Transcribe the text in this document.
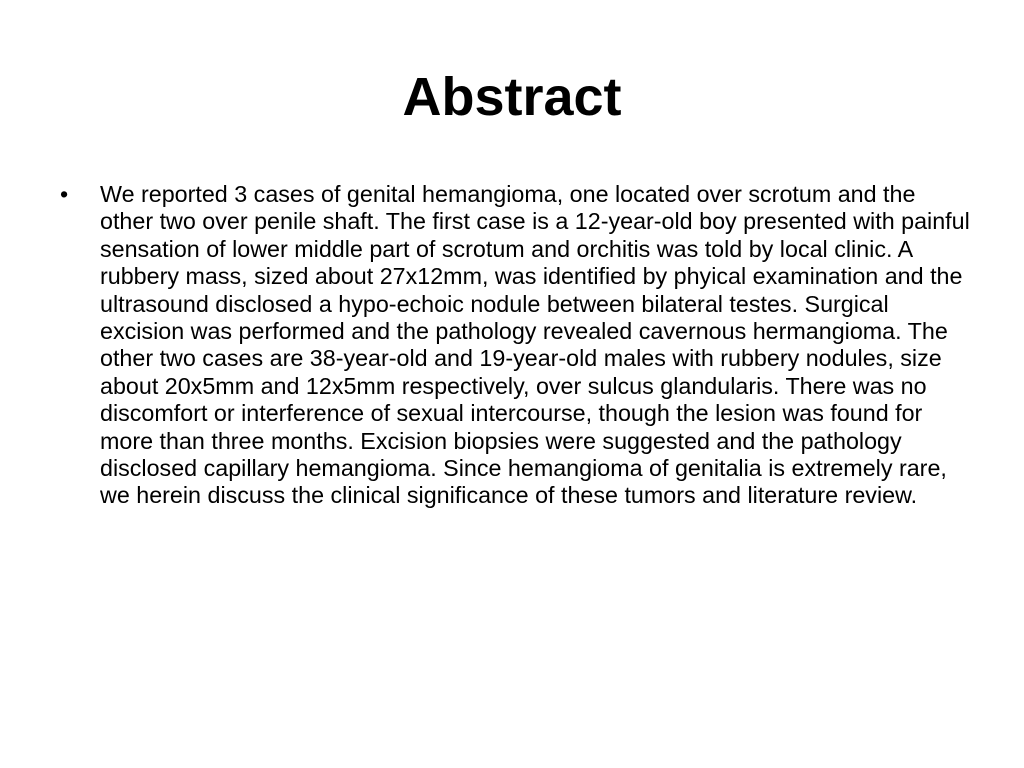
Abstract
•	We reported 3 cases of genital hemangioma, one located over scrotum and the other two over penile shaft. The first case is a 12-year-old boy presented with painful sensation of lower middle part of scrotum and orchitis was told by local clinic. A rubbery mass, sized about 27x12mm, was identified by phyical examination and the ultrasound disclosed a hypo-echoic nodule between bilateral testes. Surgical excision was performed and the pathology revealed cavernous hermangioma. The other two cases are 38-year-old and 19-year-old males with rubbery nodules, size about 20x5mm and 12x5mm respectively, over sulcus glandularis. There was no discomfort or interference of sexual intercourse, though the lesion was found for more than three months. Excision biopsies were suggested and the pathology disclosed capillary hemangioma. Since hemangioma of genitalia is extremely rare, we herein discuss the clinical significance of these tumors and literature review.
